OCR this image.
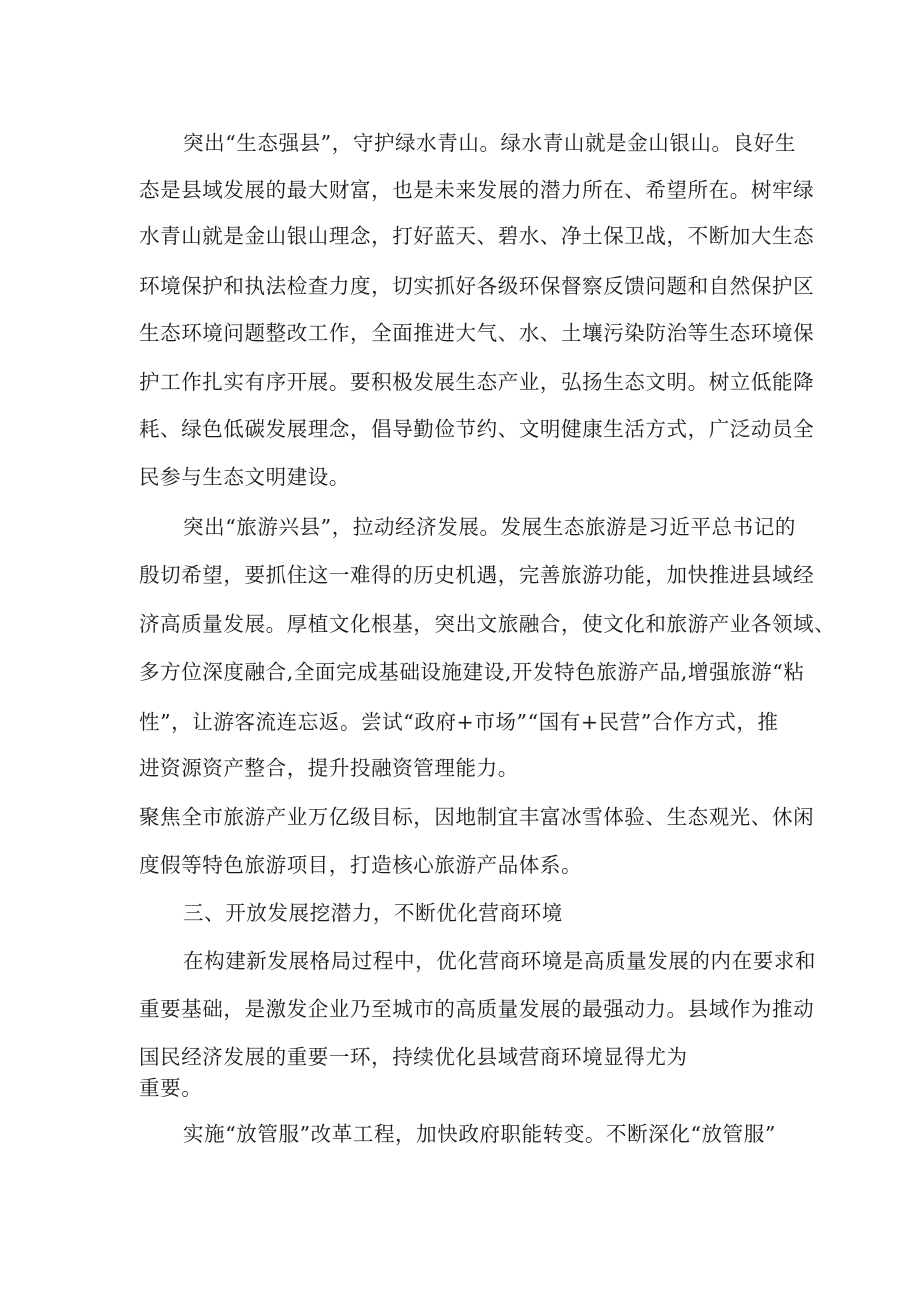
突出“生态强县”，守护绿水青山。绿水青山就是金山银山。良好生
态是县域发展的最大财富，也是未来发展的潜力所在、希望所在。树牢绿
水青山就是金山银山理念，打好蓝天、碧水、净土保卫战，不断加大生态
环境保护和执法检查力度，切实抓好各级环保督察反馈问题和自然保护区
生态环境问题整改工作，全面推进大气、水、土壤污染防治等生态环境保
护工作扎实有序开展。要积极发展生态产业，弘扬生态文明。树立低能降
耗、绿色低碳发展理念，倡导勤俭节约、文明健康生活方式，广泛动员全
民参与生态文明建设。
突出“旅游兴县”，拉动经济发展。发展生态旅游是习近平总书记的
殷切希望，要抓住这一难得的历史机遇，完善旅游功能，加快推进县域经
济高质量发展。厚植文化根基，突出文旅融合，使文化和旅游产业各领域、
多方位深度融合,全面完成基础设施建设,开发特色旅游产品,增强旅游“粘
性”，让游客流连忘返。尝试“政府+市场”“国有+民营”合作方式，推
进资源资产整合，提升投融资管理能力。
聚焦全市旅游产业万亿级目标，因地制宜丰富冰雪体验、生态观光、休闲
度假等特色旅游项目，打造核心旅游产品体系。
三、开放发展挖潜力，不断优化营商环境
在构建新发展格局过程中，优化营商环境是高质量发展的内在要求和
重要基础，是激发企业乃至城市的高质量发展的最强动力。县域作为推动
国民经济发展的重要一环，持续优化县域营商环境显得尤为
重要。
实施“放管服”改革工程，加快政府职能转变。不断深化“放管服”
